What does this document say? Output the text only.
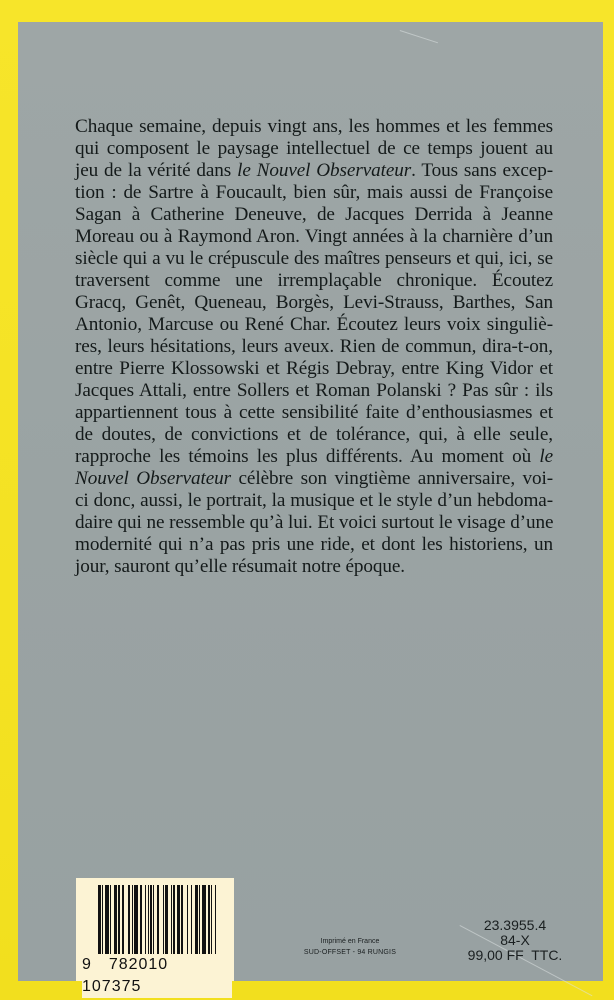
Chaque semaine, depuis vingt ans, les hommes et les femmes
qui composent le paysage intellectuel de ce temps jouent au
jeu de la vérité dans le Nouvel Observateur. Tous sans excep-
tion : de Sartre à Foucault, bien sûr, mais aussi de Françoise
Sagan à Catherine Deneuve, de Jacques Derrida à Jeanne
Moreau ou à Raymond Aron. Vingt années à la charnière d’un
siècle qui a vu le crépuscule des maîtres penseurs et qui, ici, se
traversent comme une irremplaçable chronique. Écoutez
Gracq, Genêt, Queneau, Borgès, Levi-Strauss, Barthes, San
Antonio, Marcuse ou René Char. Écoutez leurs voix singuliè-
res, leurs hésitations, leurs aveux. Rien de commun, dira-t-on,
entre Pierre Klossowski et Régis Debray, entre King Vidor et
Jacques Attali, entre Sollers et Roman Polanski ? Pas sûr : ils
appartiennent tous à cette sensibilité faite d’enthousiasmes et
de doutes, de convictions et de tolérance, qui, à elle seule,
rapproche les témoins les plus différents. Au moment où le
Nouvel Observateur célèbre son vingtième anniversaire, voi-
ci donc, aussi, le portrait, la musique et le style d’un hebdoma-
daire qui ne ressemble qu’à lui. Et voici surtout le visage d’une
modernité qui n’a pas pris une ride, et dont les historiens, un
jour, sauront qu’elle résumait notre époque.
9 782010  107375
Imprimé en France
SUD-OFFSET - 94 RUNGIS
23.3955.4
84-X
99,00 FF  TTC.
